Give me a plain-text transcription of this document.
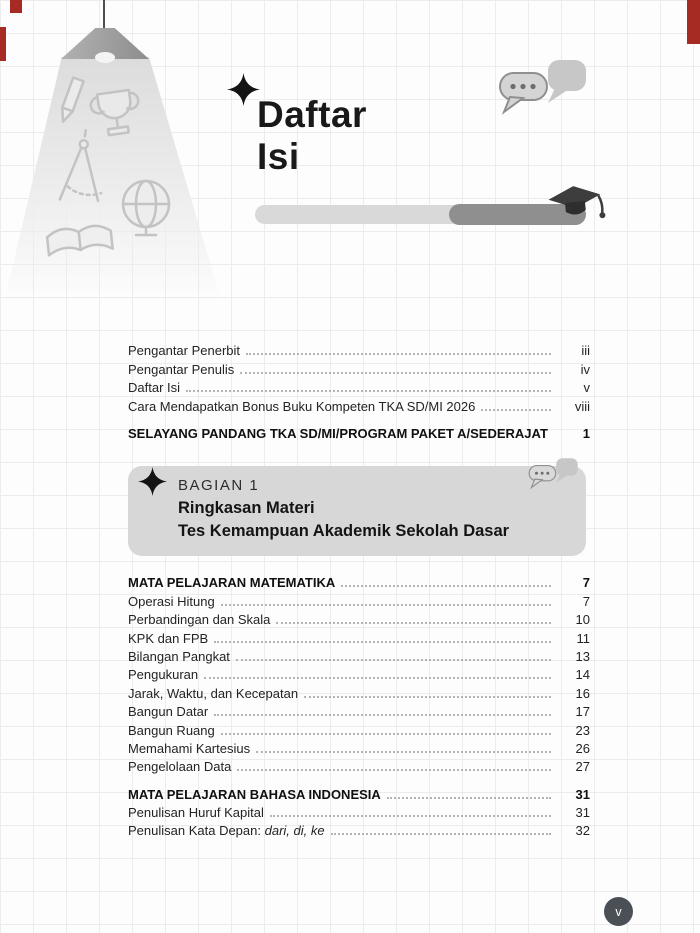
Daftar
Isi
Pengantar Penerbit	iii
Pengantar Penulis	iv
Daftar Isi	v
Cara Mendapatkan Bonus Buku Kompeten TKA SD/MI 2026	viii
SELAYANG PANDANG TKA SD/MI/PROGRAM PAKET A/SEDERAJAT	1
BAGIAN 1
Ringkasan Materi
Tes Kemampuan Akademik Sekolah Dasar
MATA PELAJARAN MATEMATIKA	7
Operasi Hitung	7
Perbandingan dan Skala	10
KPK dan FPB	11
Bilangan Pangkat	13
Pengukuran	14
Jarak, Waktu, dan Kecepatan	16
Bangun Datar	17
Bangun Ruang	23
Memahami Kartesius	26
Pengelolaan Data	27
MATA PELAJARAN BAHASA INDONESIA	31
Penulisan Huruf Kapital	31
Penulisan Kata Depan: dari, di, ke	32
v
